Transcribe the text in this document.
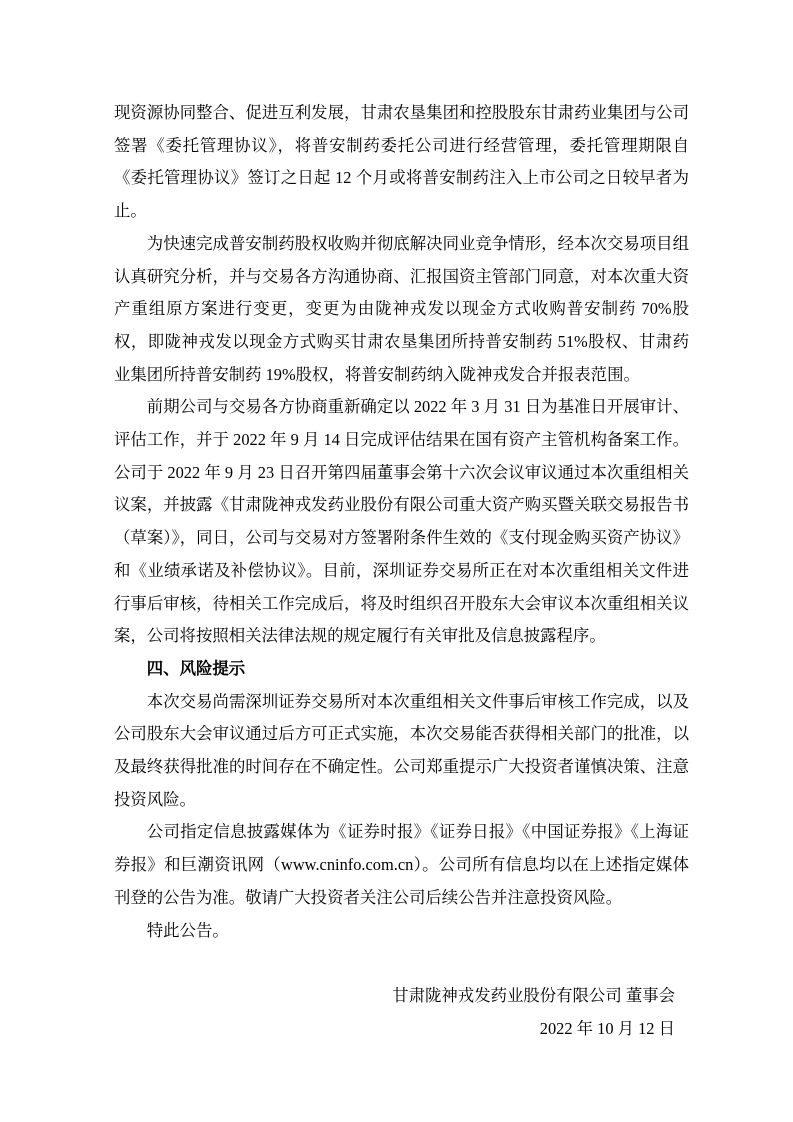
现资源协同整合、促进互利发展，甘肃农垦集团和控股股东甘肃药业集团与公司签署《委托管理协议》，将普安制药委托公司进行经营管理，委托管理期限自《委托管理协议》签订之日起 12 个月或将普安制药注入上市公司之日较早者为止。

为快速完成普安制药股权收购并彻底解决同业竞争情形，经本次交易项目组认真研究分析，并与交易各方沟通协商、汇报国资主管部门同意，对本次重大资产重组原方案进行变更，变更为由陇神戎发以现金方式收购普安制药 70%股权，即陇神戎发以现金方式购买甘肃农垦集团所持普安制药 51%股权、甘肃药业集团所持普安制药 19%股权，将普安制药纳入陇神戎发合并报表范围。

前期公司与交易各方协商重新确定以 2022 年 3 月 31 日为基准日开展审计、评估工作，并于 2022 年 9 月 14 日完成评估结果在国有资产主管机构备案工作。公司于 2022 年 9 月 23 日召开第四届董事会第十六次会议审议通过本次重组相关议案，并披露《甘肃陇神戎发药业股份有限公司重大资产购买暨关联交易报告书（草案）》，同日，公司与交易对方签署附条件生效的《支付现金购买资产协议》和《业绩承诺及补偿协议》。目前，深圳证券交易所正在对本次重组相关文件进行事后审核，待相关工作完成后，将及时组织召开股东大会审议本次重组相关议案，公司将按照相关法律法规的规定履行有关审批及信息披露程序。

四、风险提示

本次交易尚需深圳证券交易所对本次重组相关文件事后审核工作完成，以及公司股东大会审议通过后方可正式实施，本次交易能否获得相关部门的批准，以及最终获得批准的时间存在不确定性。公司郑重提示广大投资者谨慎决策、注意投资风险。

公司指定信息披露媒体为《证券时报》《证券日报》《中国证券报》《上海证券报》和巨潮资讯网（www.cninfo.com.cn）。公司所有信息均以在上述指定媒体刊登的公告为准。敬请广大投资者关注公司后续公告并注意投资风险。

特此公告。

甘肃陇神戎发药业股份有限公司 董事会

2022 年 10 月 12 日
